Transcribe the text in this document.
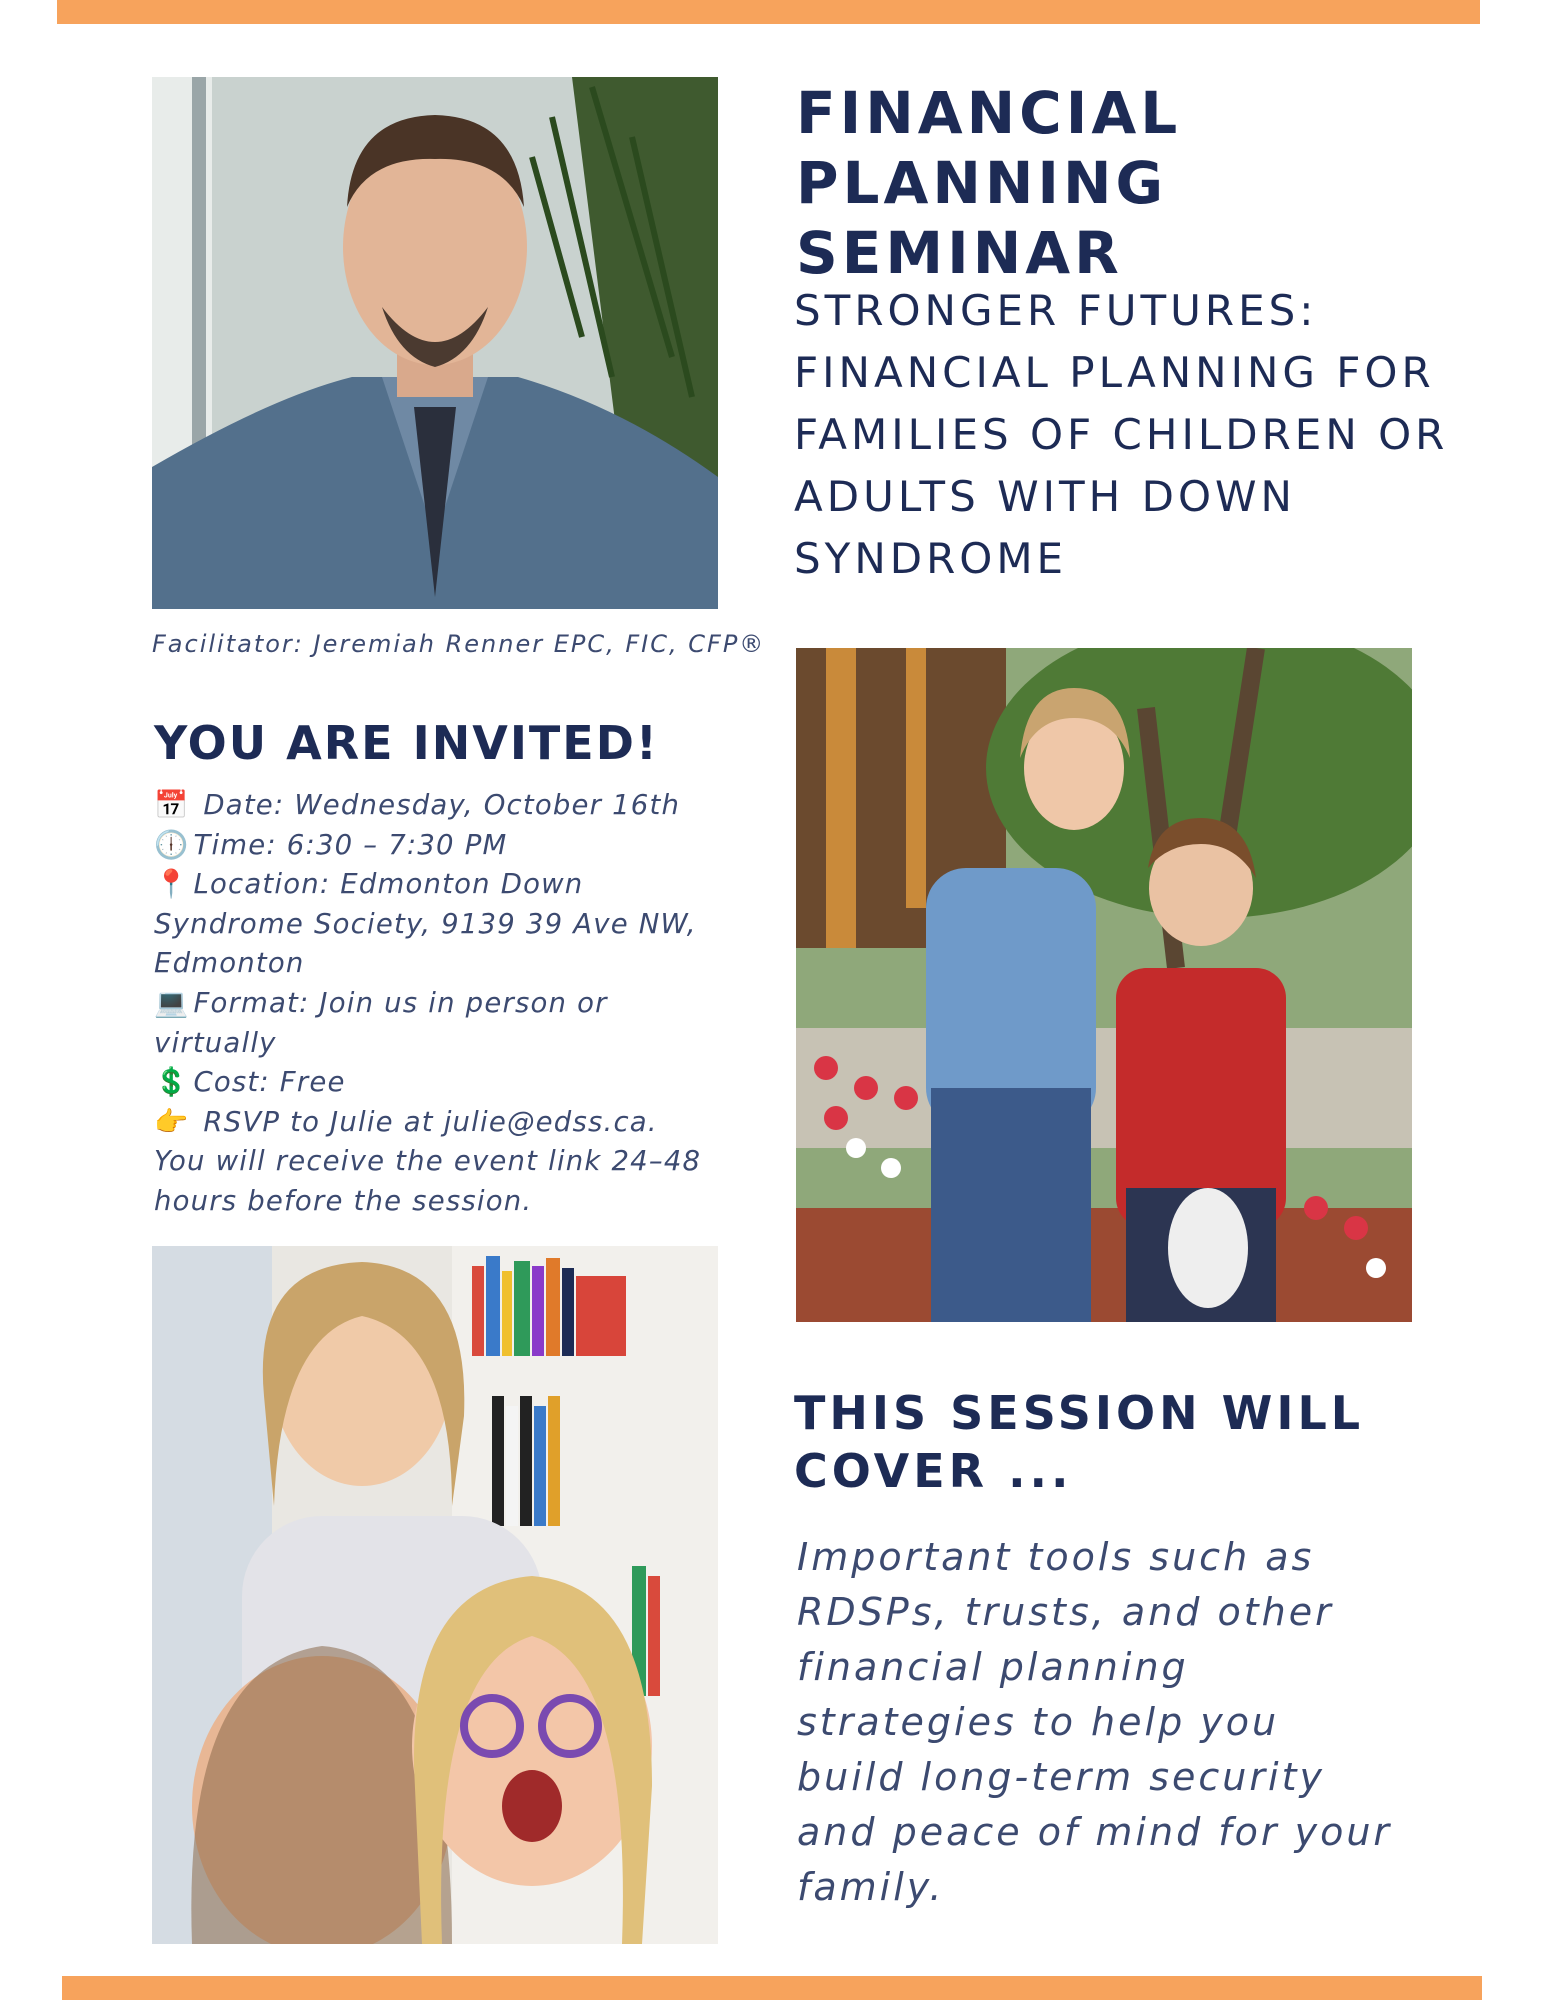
FINANCIAL
PLANNING SEMINAR

STRONGER FUTURES: FINANCIAL PLANNING FOR FAMILIES OF CHILDREN OR ADULTS WITH DOWN SYNDROME

Facilitator: Jeremiah Renner EPC, FIC, CFP®

YOU ARE INVITED!
📅 Date: Wednesday, October 16th
🕕 Time: 6:30 – 7:30 PM
📍 Location: Edmonton Down
Syndrome Society, 9139 39 Ave NW,
Edmonton
💻 Format: Join us in person or
virtually
💲 Cost: Free
👉 RSVP to Julie at julie@edss.ca.
You will receive the event link 24–48
hours before the session.
THIS SESSION WILL
COVER ...

Important tools such as RDSPs, trusts, and other financial planning strategies to help you build long-term security and peace of mind for your family.
